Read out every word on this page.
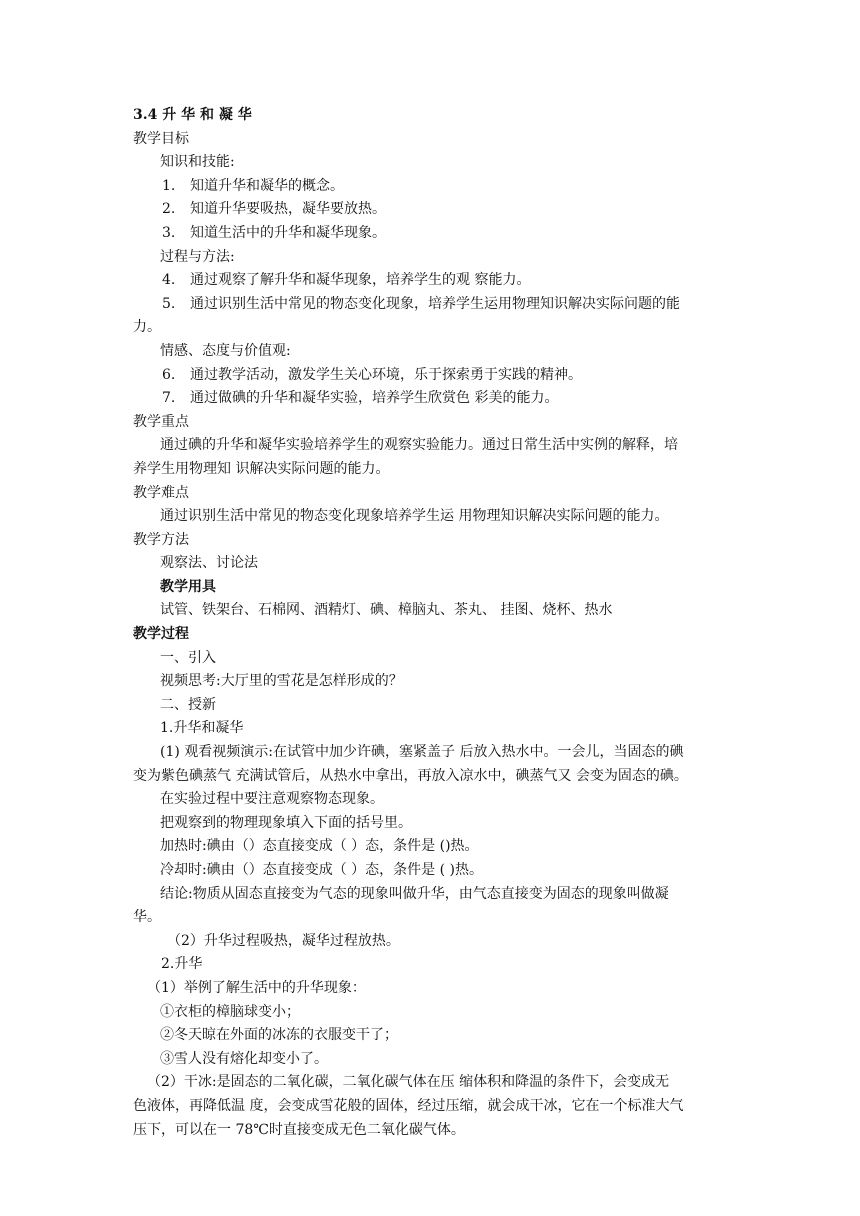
3.4 升 华 和 凝 华
教学目标
知识和技能:
1. 知道升华和凝华的概念。
2. 知道升华要吸热，凝华要放热。
3. 知道生活中的升华和凝华现象。
过程与方法:
4. 通过观察了解升华和凝华现象，培养学生的观 察能力。
5. 通过识别生活中常见的物态变化现象，培养学生运用物理知识解决实际问题的能
力。
情感、态度与价值观:
6. 通过教学活动，激发学生关心环境，乐于探索勇于实践的精神。
7. 通过做碘的升华和凝华实验，培养学生欣赏色 彩美的能力。
教学重点
通过碘的升华和凝华实验培养学生的观察实验能力。通过日常生活中实例的解释，培
养学生用物理知 识解决实际问题的能力。
教学难点
通过识别生活中常见的物态变化现象培养学生运 用物理知识解决实际问题的能力。
教学方法
观察法、讨论法
教学用具
试管、铁架台、石棉网、酒精灯、碘、樟脑丸、茶丸、 挂图、烧杯、热水
教学过程
一、引入
视频思考:大厅里的雪花是怎样形成的？
二、授新
1.升华和凝华
(1) 观看视频演示:在试管中加少许碘，塞紧盖子 后放入热水中。一会儿，当固态的碘
变为紫色碘蒸气 充满试管后，从热水中拿出，再放入凉水中，碘蒸气又 会变为固态的碘。
在实验过程中要注意观察物态现象。
把观察到的物理现象填入下面的括号里。
加热时:碘由（）态直接变成（ ）态，条件是 ()热。
冷却时:碘由（）态直接变成（ ）态，条件是 ( )热。
结论:物质从固态直接变为气态的现象叫做升华，由气态直接变为固态的现象叫做凝
华。
（2）升华过程吸热，凝华过程放热。
2.升华
（1）举例了解生活中的升华现象：
①衣柜的樟脑球变小；
②冬天晾在外面的冰冻的衣服变干了；
③雪人没有熔化却变小了。
（2）干冰:是固态的二氧化碳，二氧化碳气体在压 缩体积和降温的条件下，会变成无
色液体，再降低温 度，会变成雪花般的固体，经过压缩，就会成干冰，它在一个标准大气
压下，可以在一 78℃时直接变成无色二氧化碳气体。
